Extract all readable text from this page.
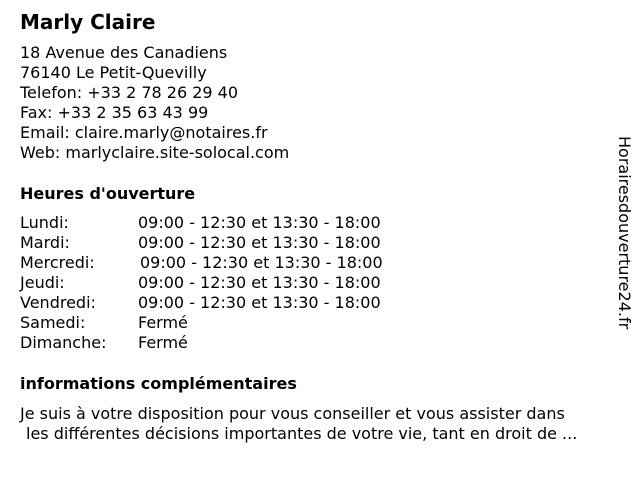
Marly Claire
18 Avenue des Canadiens
76140 Le Petit-Quevilly
Telefon: +33 2 78 26 29 40
Fax: +33 2 35 63 43 99
Email: claire.marly@notaires.fr
Web: marlyclaire.site-solocal.com
Heures d'ouverture
Lundi:	09:00 - 12:30 et 13:30 - 18:00
Mardi:	09:00 - 12:30 et 13:30 - 18:00
Mercredi:	09:00 - 12:30 et 13:30 - 18:00
Jeudi:	09:00 - 12:30 et 13:30 - 18:00
Vendredi:	09:00 - 12:30 et 13:30 - 18:00
Samedi:	Fermé
Dimanche: Fermé
informations complémentaires
Je suis à votre disposition pour vous conseiller et vous assister dans
les différentes décisions importantes de votre vie, tant en droit de ...
Horairesdouverture24.fr
